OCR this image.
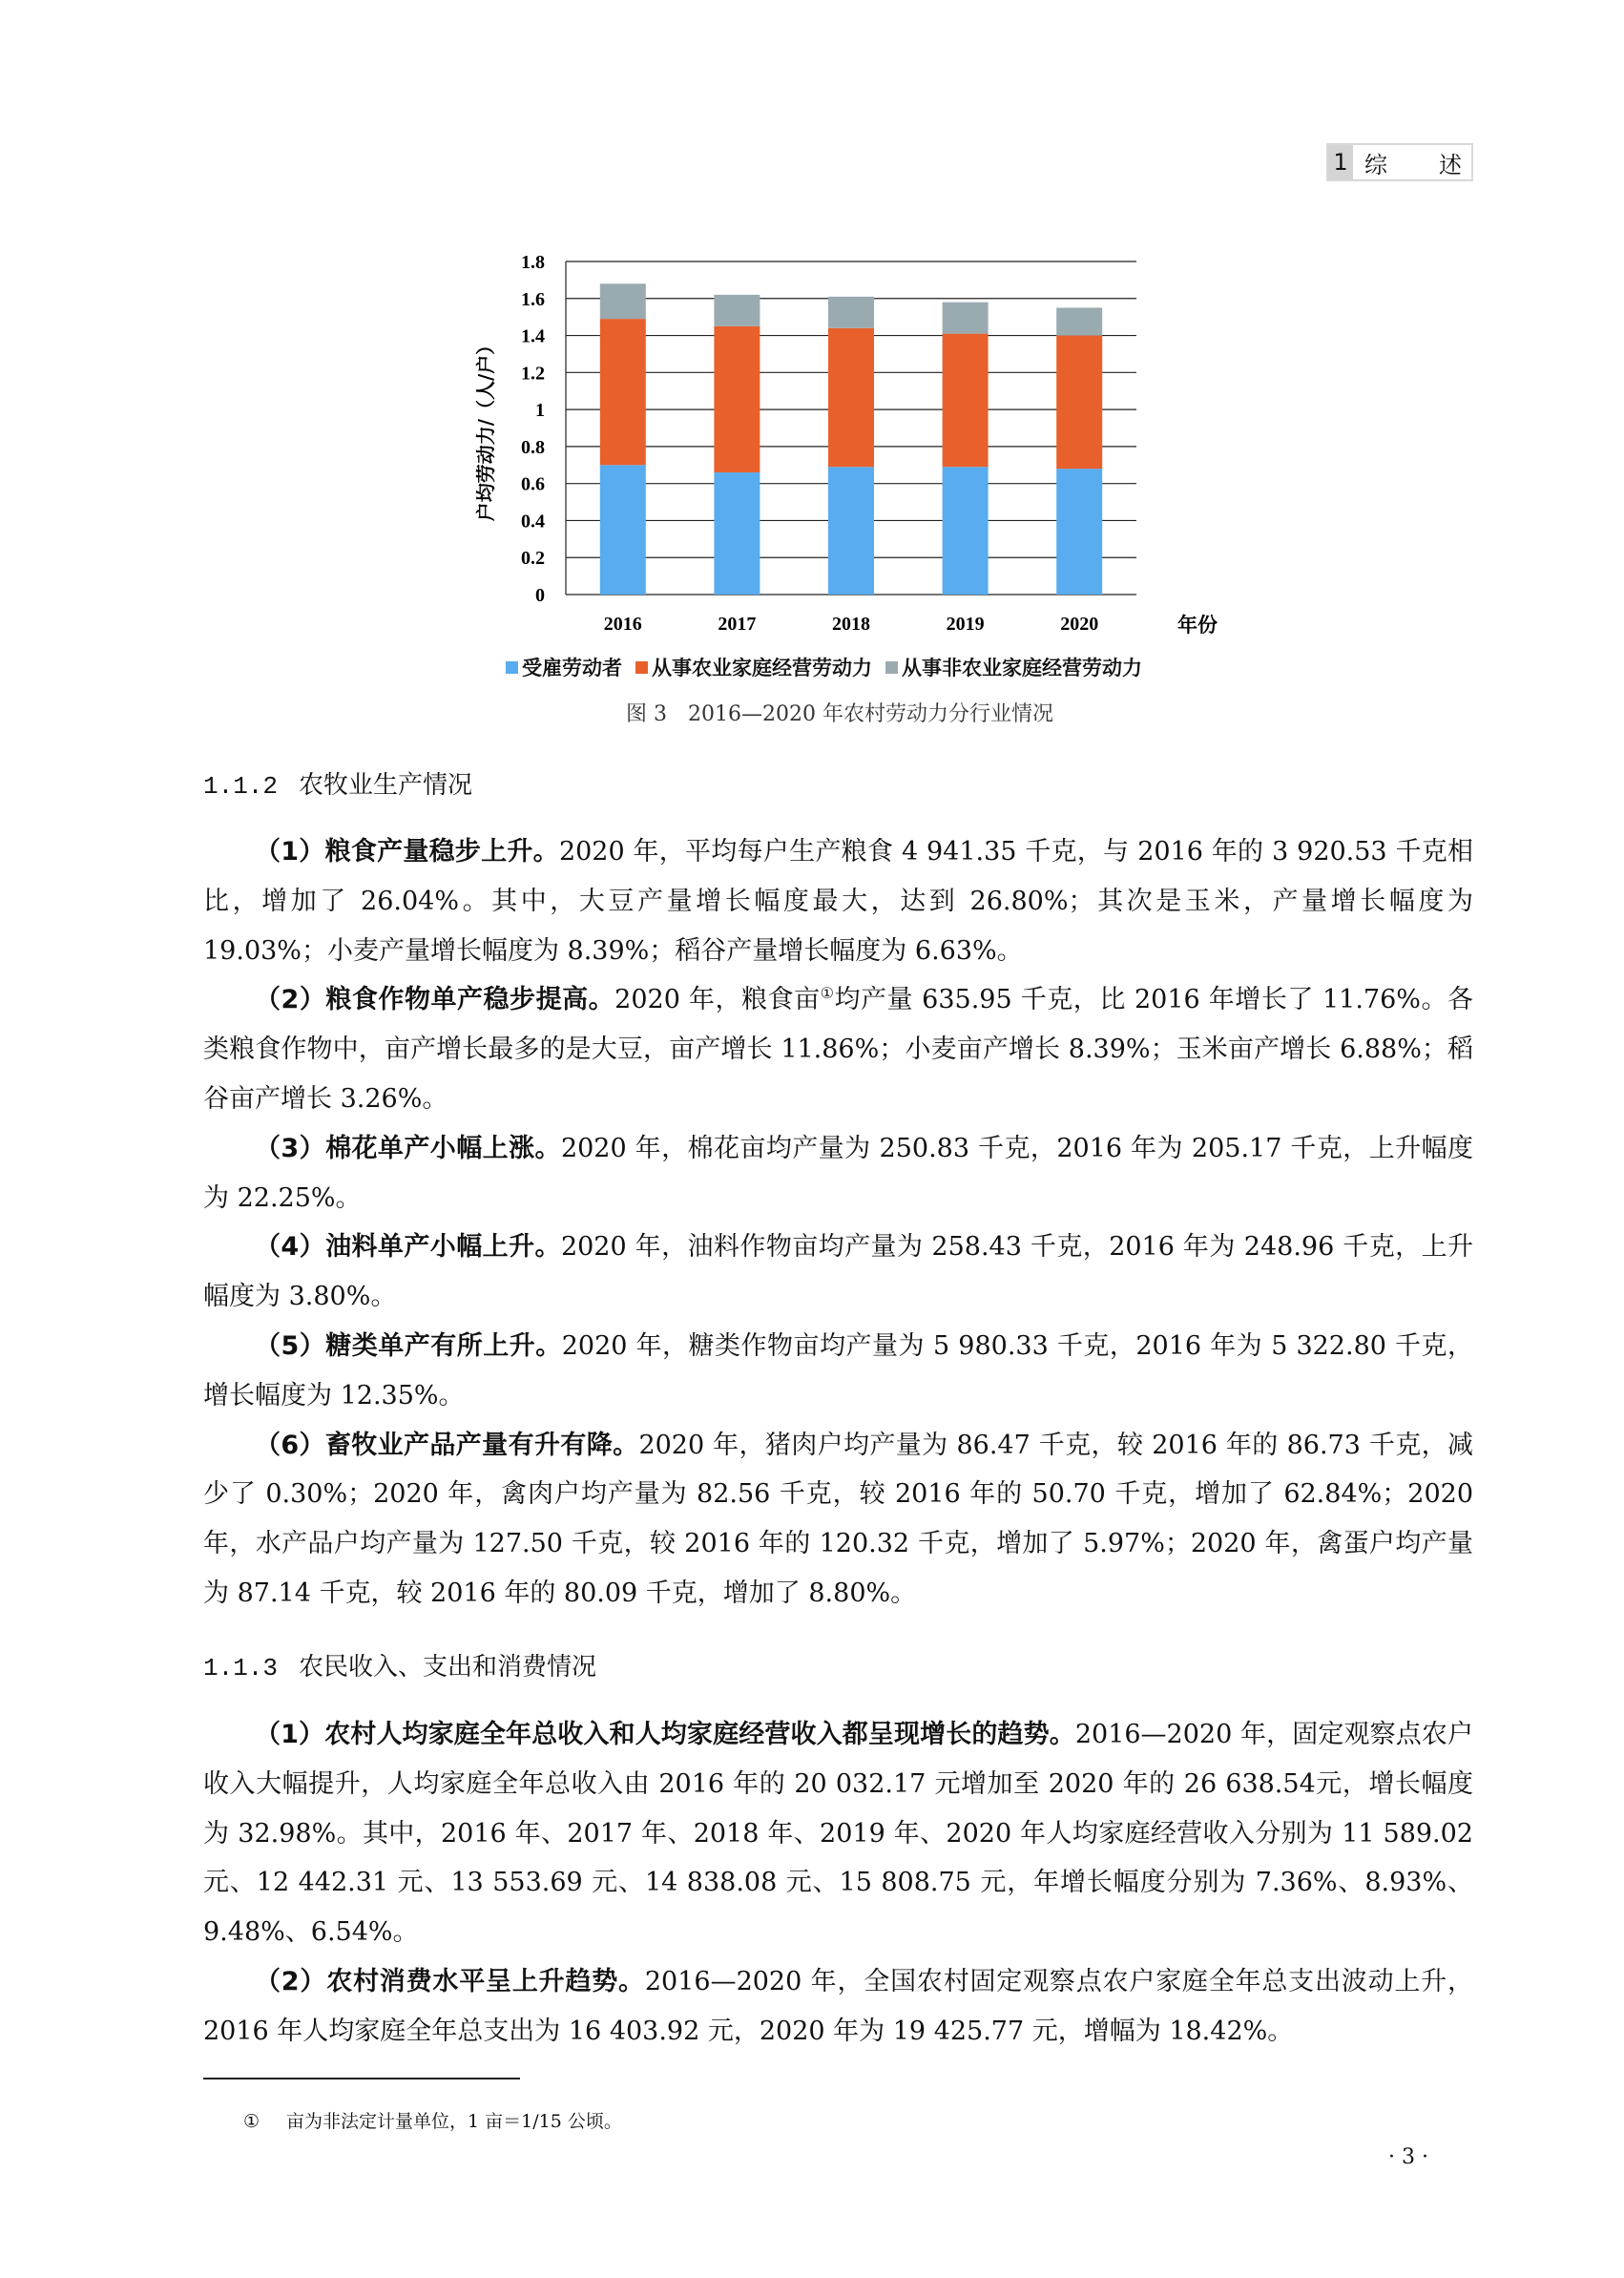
1 综 述
0
0.2
0.4
0.6
0.8
1
1.2
1.4
1.6
1.8
2016	2017	2018	2019	2020	年份
户均劳动力/（人/户）
受雇劳动者 从事农业家庭经营劳动力 从事非农业家庭经营劳动力
图 3　2016—2020 年农村劳动力分行业情况
1.1.2 农牧业生产情况

（1）粮食产量稳步上升。2020 年，平均每户生产粮食 4 941.35 千克，与 2016 年的 3 920.53 千克相比，增加了 26.04%。其中，大豆产量增长幅度最大，达到 26.80%；其次是玉米，产量增长幅度为 19.03%；小麦产量增长幅度为 8.39%；稻谷产量增长幅度为 6.63%。

（2）粮食作物单产稳步提高。2020 年，粮食亩①均产量 635.95 千克，比 2016 年增长了 11.76%。各类粮食作物中，亩产增长最多的是大豆，亩产增长 11.86%；小麦亩产增长 8.39%；玉米亩产增长 6.88%；稻谷亩产增长 3.26%。

（3）棉花单产小幅上涨。2020 年，棉花亩均产量为 250.83 千克，2016 年为 205.17 千克，上升幅度为 22.25%。

（4）油料单产小幅上升。2020 年，油料作物亩均产量为 258.43 千克，2016 年为 248.96 千克，上升幅度为 3.80%。

（5）糖类单产有所上升。2020 年，糖类作物亩均产量为 5 980.33 千克，2016 年为 5 322.80 千克，增长幅度为 12.35%。

（6）畜牧业产品产量有升有降。2020 年，猪肉户均产量为 86.47 千克，较 2016 年的 86.73 千克，减少了 0.30%；2020 年，禽肉户均产量为 82.56 千克，较 2016 年的 50.70 千克，增加了 62.84%；2020 年，水产品户均产量为 127.50 千克，较 2016 年的 120.32 千克，增加了 5.97%；2020 年，禽蛋户均产量为 87.14 千克，较 2016 年的 80.09 千克，增加了 8.80%。

1.1.3 农民收入、支出和消费情况

（1）农村人均家庭全年总收入和人均家庭经营收入都呈现增长的趋势。2016—2020 年，固定观察点农户收入大幅提升，人均家庭全年总收入由 2016 年的 20 032.17 元增加至 2020 年的 26 638.54元，增长幅度为 32.98%。其中，2016 年、2017 年、2018 年、2019 年、2020 年人均家庭经营收入分别为 11 589.02 元、12 442.31 元、13 553.69 元、14 838.08 元、15 808.75 元，年增长幅度分别为 7.36%、8.93%、9.48%、6.54%。

（2）农村消费水平呈上升趋势。2016—2020 年，全国农村固定观察点农户家庭全年总支出波动上升，2016 年人均家庭全年总支出为 16 403.92 元，2020 年为 19 425.77 元，增幅为 18.42%。

① 亩为非法定计量单位，1 亩＝1/15 公顷。
· 3 ·
